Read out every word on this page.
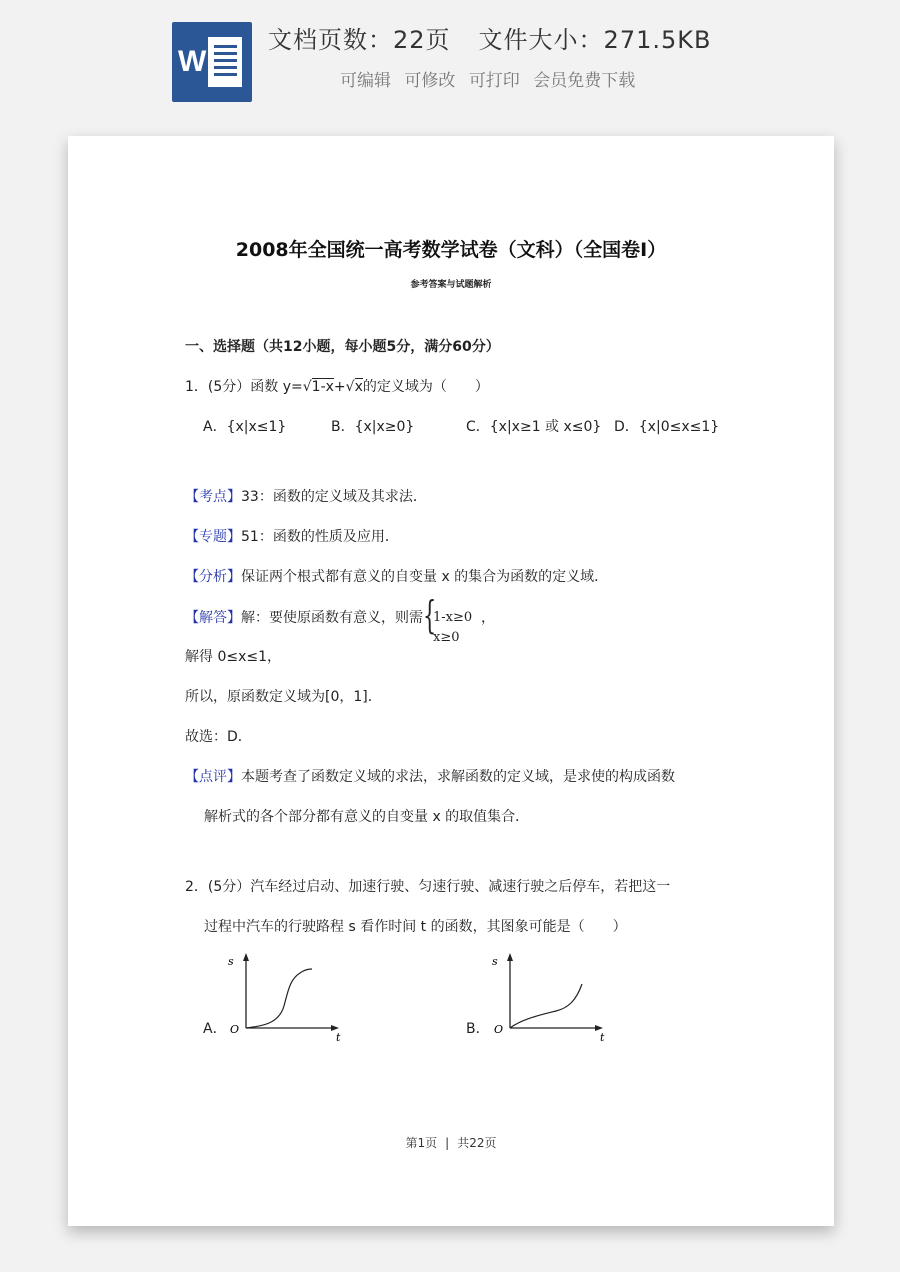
W
文档页数：22页 文件大小：271.5KB
可编辑 可修改 可打印 会员免费下载
2008年全国统一高考数学试卷（文科）（全国卷Ⅰ）
参考答案与试题解析
一、选择题（共12小题，每小题5分，满分60分）
1．(5分）函数 y=√1-x+√x的定义域为（　　）
A．{x|x≤1}	B．{x|x≥0}	C．{x|x≥1 或 x≤0} D．{x|0≤x≤1}
【考点】33：函数的定义域及其求法．
【专题】51：函数的性质及应用．
【分析】保证两个根式都有意义的自变量 x 的集合为函数的定义域．
【解答】解：要使原函数有意义，则需 {
1-x≥0
x≥0
，
解得 0≤x≤1，
所以，原函数定义域为[0，1]．
故选：D．
【点评】本题考查了函数定义域的求法，求解函数的定义域，是求使的构成函数
解析式的各个部分都有意义的自变量 x 的取值集合．
2．(5分）汽车经过启动、加速行驶、匀速行驶、减速行驶之后停车，若把这一
过程中汽车的行驶路程 s 看作时间 t 的函数，其图象可能是（　　）
A．
s
t
O	B．
s
t
O
第1页 | 共22页
